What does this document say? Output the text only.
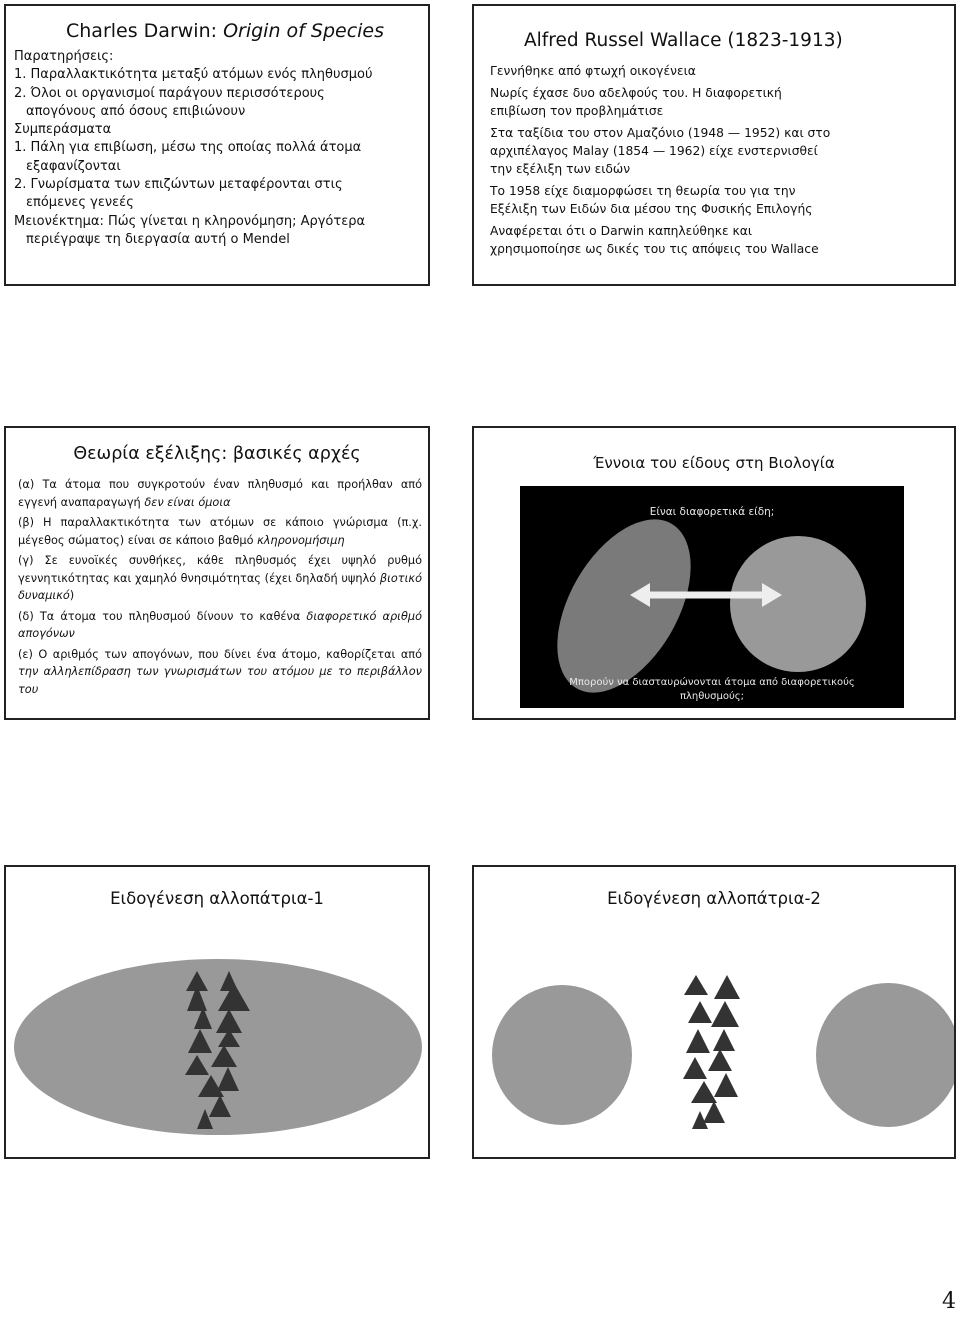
Charles Darwin: Origin of Species
Παρατηρήσεις:
1. Παραλλακτικότητα μεταξύ ατόμων ενός πληθυσμού
2. Όλοι οι οργανισμοί παράγουν περισσότερους
απογόνους από όσους επιβιώνουν
Συμπεράσματα
1. Πάλη για επιβίωση, μέσω της οποίας πολλά άτομα
εξαφανίζονται
2. Γνωρίσματα των επιζώντων μεταφέρονται στις
επόμενες γενεές
Μειονέκτημα: Πώς γίνεται η κληρονόμηση; Αργότερα
περιέγραψε τη διεργασία αυτή ο Mendel
Alfred Russel Wallace (1823-1913)
Γεννήθηκε από φτωχή οικογένεια
Νωρίς έχασε δυο αδελφούς του. Η διαφορετική
επιβίωση τον προβλημάτισε
Στα ταξίδια του στον Αμαζόνιο (1948 — 1952) και στο
αρχιπέλαγος Malay (1854 — 1962) είχε ενστερνισθεί
την εξέλιξη των ειδών
Το 1958 είχε διαμορφώσει τη θεωρία του για την
Εξέλιξη των Ειδών δια μέσου της Φυσικής Επιλογής
Αναφέρεται ότι ο Darwin καπηλεύθηκε και
χρησιμοποίησε ως δικές του τις απόψεις του Wallace
Θεωρία εξέλιξης: βασικές αρχές
(α) Τα άτομα που συγκροτούν έναν πληθυσμό και προήλθαν από εγγενή αναπαραγωγή δεν είναι όμοια
(β) Η παραλλακτικότητα των ατόμων σε κάποιο γνώρισμα (π.χ. μέγεθος σώματος) είναι σε κάποιο βαθμό κληρονομήσιμη
(γ) Σε ευνοϊκές συνθήκες, κάθε πληθυσμός έχει υψηλό ρυθμό γεννητικότητας και χαμηλό θνησιμότητας (έχει δηλαδή υψηλό βιοτικό δυναμικό)
(δ) Τα άτομα του πληθυσμού δίνουν το καθένα διαφορετικό αριθμό απογόνων
(ε) Ο αριθμός των απογόνων, που δίνει ένα άτομο, καθορίζεται από την αλληλεπίδραση των γνωρισμάτων του ατόμου με το περιβάλλον του
Έννοια του είδους στη Βιολογία
Είναι διαφορετικά είδη;
Μπορούν να διασταυρώνονται άτομα από διαφορετικούς
πληθυσμούς;
Ειδογένεση αλλοπάτρια-1	Ειδογένεση αλλοπάτρια-2
4
